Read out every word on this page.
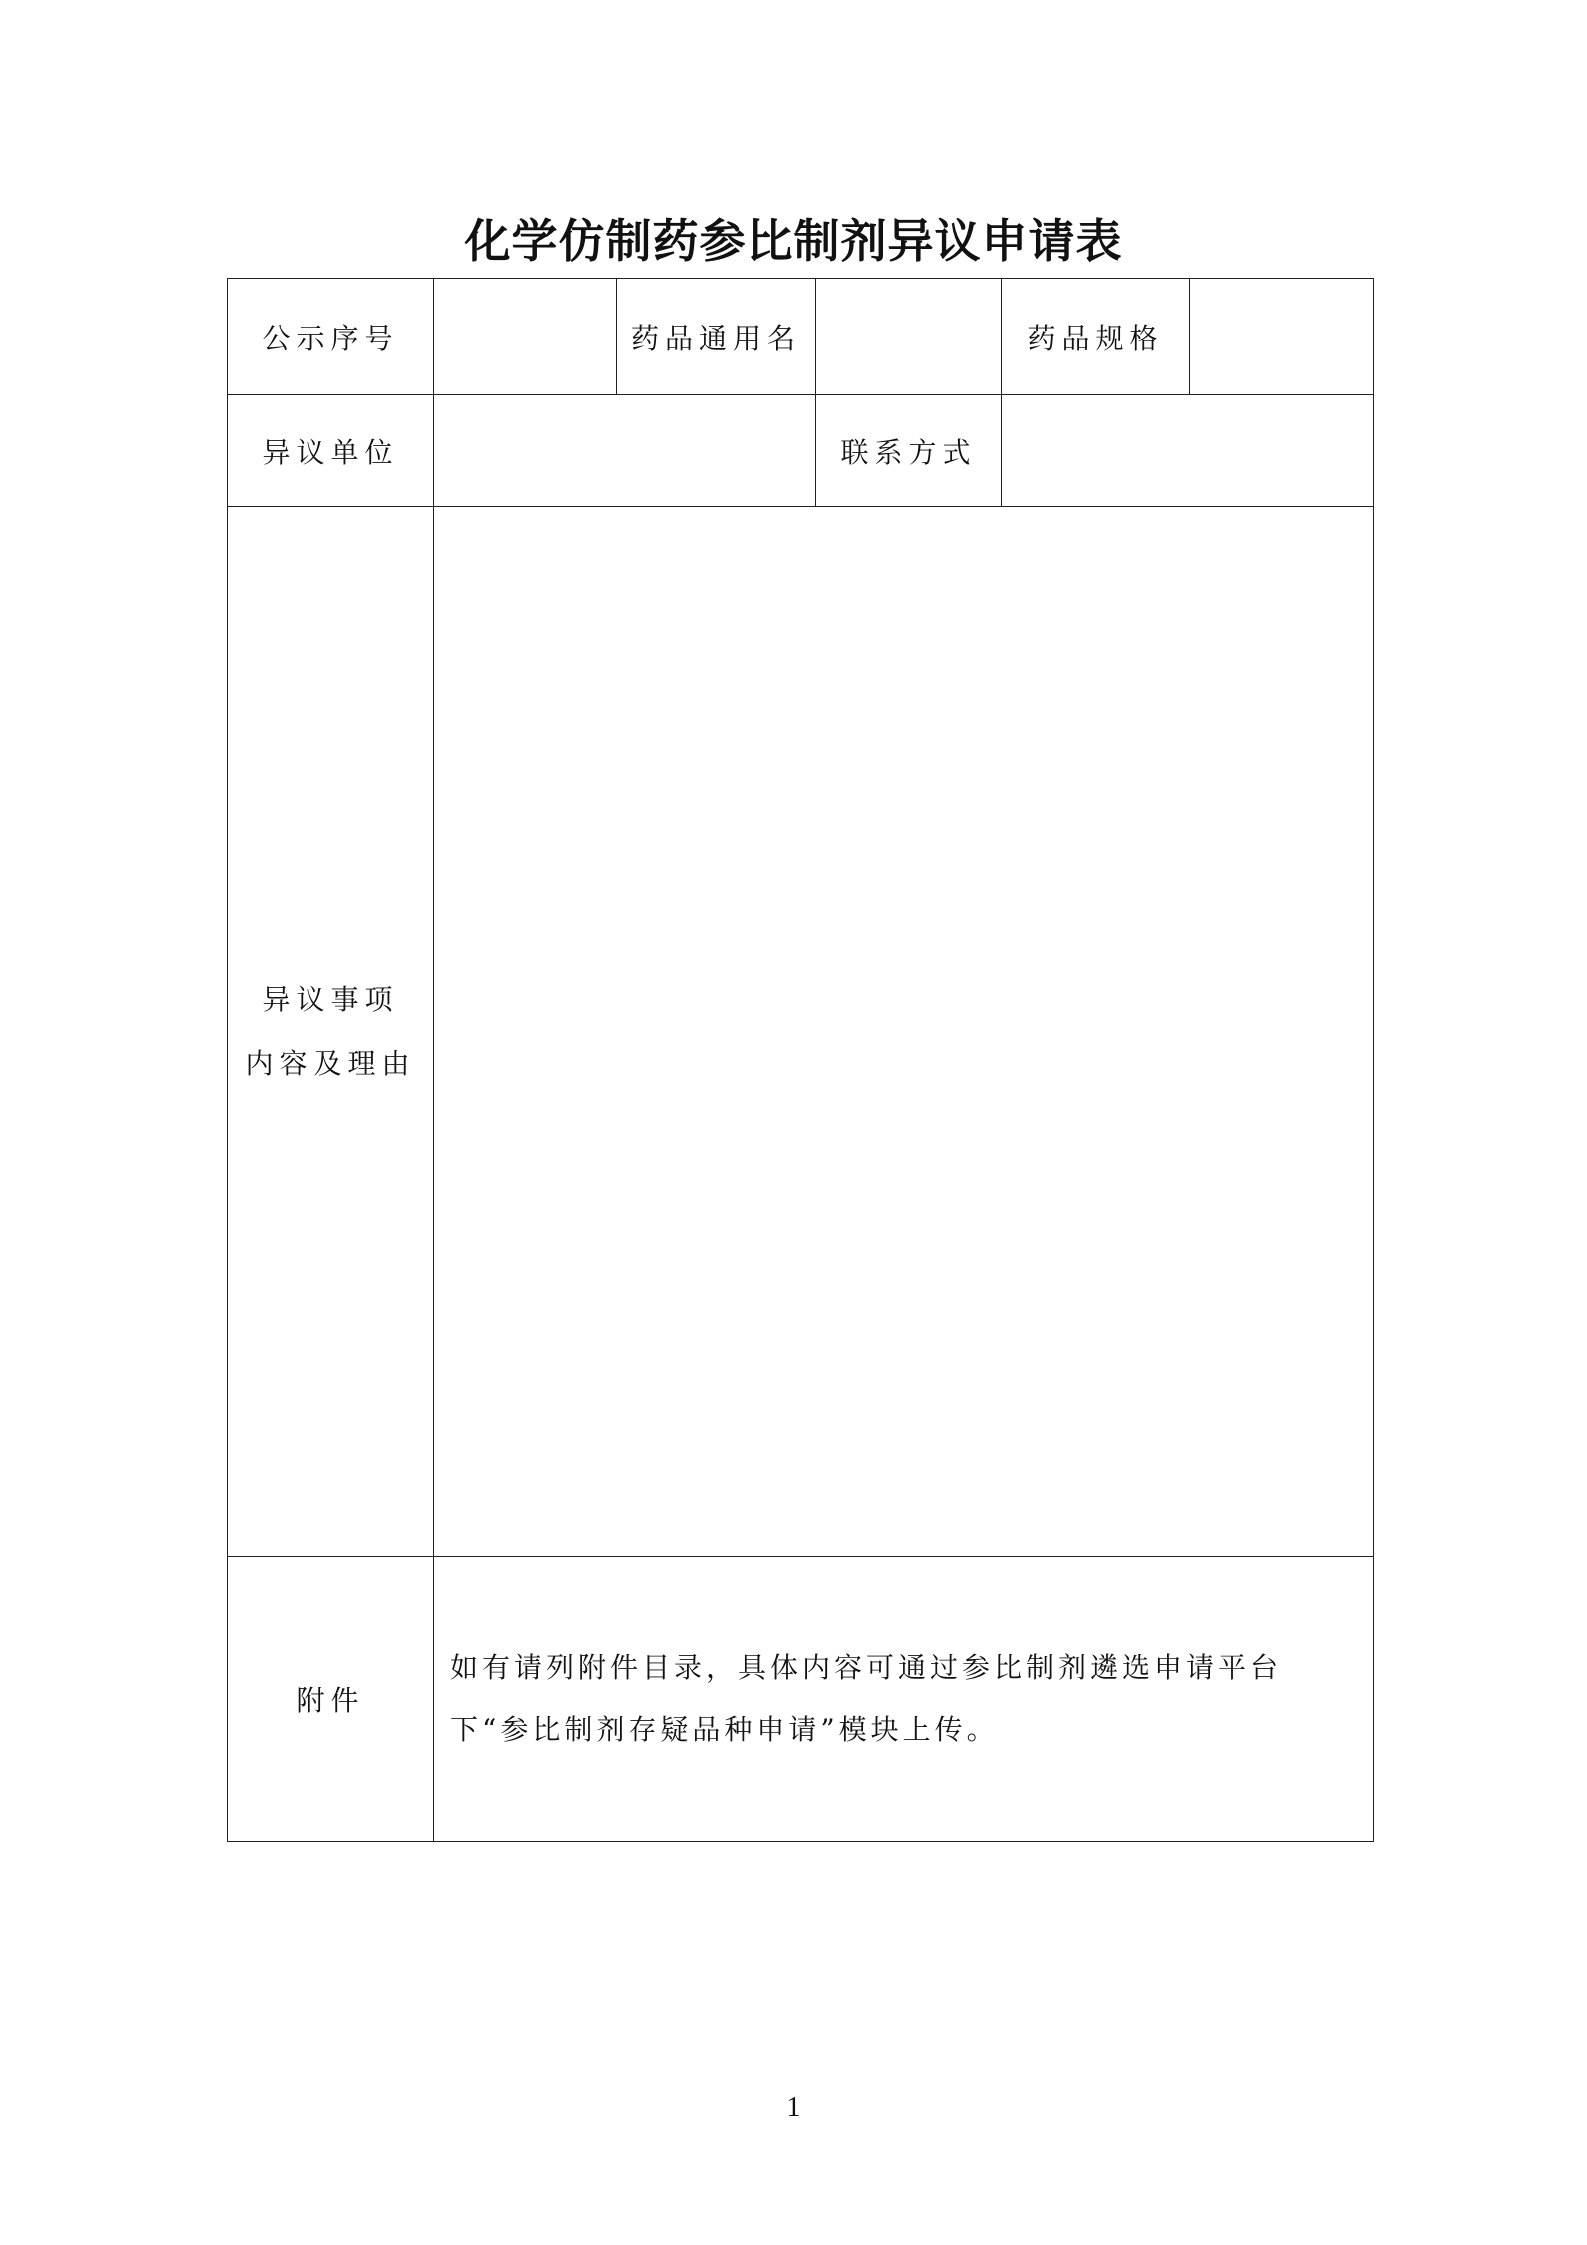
化学仿制药参比制剂异议申请表
公示序号		药品通用名		药品规格	
异议单位			联系方式		

异议事项
内容及理由					

附件	如有请列附件目录，具体内容可通过参比制剂遴选申请平台下“参比制剂存疑品种申请”模块上传。				
1
